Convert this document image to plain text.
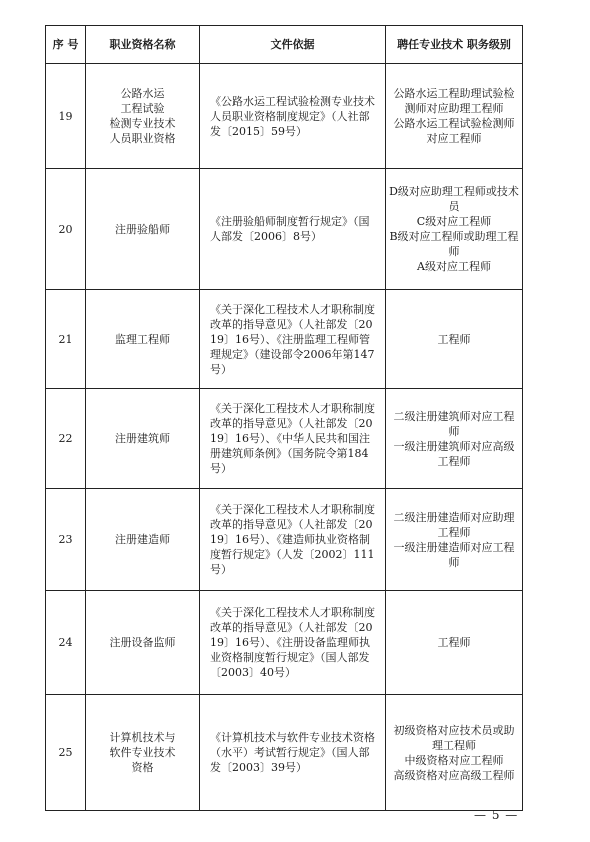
序 号	职业资格名称	文件依据	聘任专业技术 职务级别
19	公路水运
工程试验
检测专业技术
人员职业资格	《公路水运工程试验检测专业技术人员职业资格制度规定》（人社部发〔2015〕59号）	公路水运工程助理试验检测师对应助理工程师
公路水运工程试验检测师对应工程师
20	注册验船师	《注册验船师制度暂行规定》（国人部发〔2006〕8号）	D级对应助理工程师或技术员
C级对应工程师
B级对应工程师或助理工程师
A级对应工程师
21	监理工程师	《关于深化工程技术人才职称制度改革的指导意见》（人社部发〔2019〕16号）、《注册监理工程师管理规定》（建设部令2006年第147号）	工程师
22	注册建筑师	《关于深化工程技术人才职称制度改革的指导意见》（人社部发〔2019〕16号）、《中华人民共和国注册建筑师条例》（国务院令第184号）	二级注册建筑师对应工程师
一级注册建筑师对应高级工程师
23	注册建造师	《关于深化工程技术人才职称制度改革的指导意见》（人社部发〔2019〕16号）、《建造师执业资格制度暂行规定》（人发〔2002〕111号）	二级注册建造师对应助理工程师
一级注册建造师对应工程师
24	注册设备监师	《关于深化工程技术人才职称制度改革的指导意见》（人社部发〔2019〕16号）、《注册设备监理师执业资格制度暂行规定》（国人部发〔2003〕40号）	工程师
25	计算机技术与
软件专业技术
资格	《计算机技术与软件专业技术资格（水平）考试暂行规定》（国人部发〔2003〕39号）	初级资格对应技术员或助理工程师
中级资格对应工程师
高级资格对应高级工程师
— 5 —
